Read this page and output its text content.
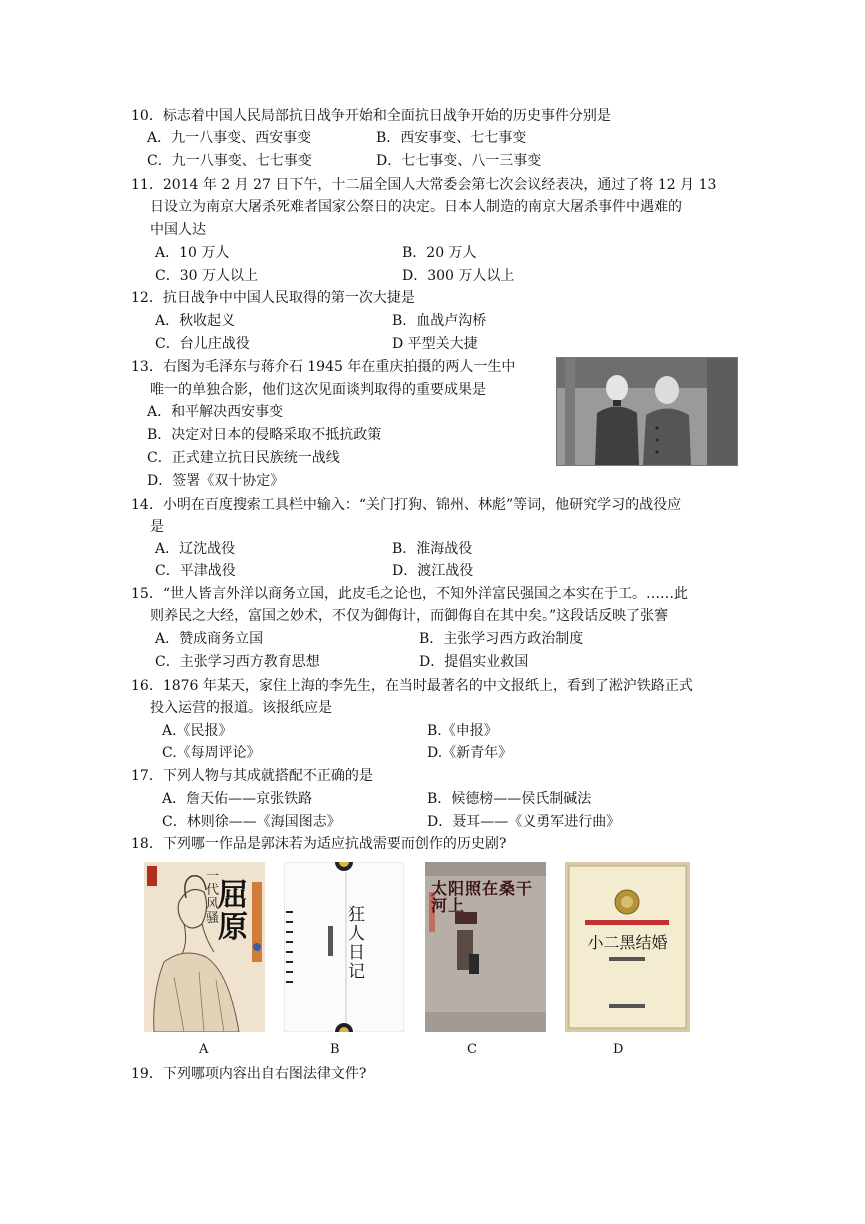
10．标志着中国人民局部抗日战争开始和全面抗日战争开始的历史事件分别是
A．九一八事变、西安事变	B．西安事变、七七事变
C．九一八事变、七七事变	D．七七事变、八一三事变
11．2014 年 2 月 27 日下午，十二届全国人大常委会第七次会议经表决，通过了将 12 月 13
日设立为南京大屠杀死难者国家公祭日的决定。日本人制造的南京大屠杀事件中遇难的
中国人达
A．10 万人	B．20 万人
C．30 万人以上	D．300 万人以上
12．抗日战争中中国人民取得的第一次大捷是
A．秋收起义	B．血战卢沟桥
C．台儿庄战役	D 平型关大捷
13．右图为毛泽东与蒋介石 1945 年在重庆拍摄的两人一生中
唯一的单独合影，他们这次见面谈判取得的重要成果是
A．和平解决西安事变
B．决定对日本的侵略采取不抵抗政策
C．正式建立抗日民族统一战线
D．签署《双十协定》
14．小明在百度搜索工具栏中输入：“关门打狗、锦州、林彪”等词，他研究学习的战役应
是
A．辽沈战役	B．淮海战役
C．平津战役	D．渡江战役
15．“世人皆言外洋以商务立国，此皮毛之论也，不知外洋富民强国之本实在于工。……此
则养民之大经，富国之妙术，不仅为御侮计，而御侮自在其中矣。”这段话反映了张謇
A．赞成商务立国	B．主张学习西方政治制度
C．主张学习西方教育思想	D．提倡实业救国
16．1876 年某天，家住上海的李先生，在当时最著名的中文报纸上，看到了淞沪铁路正式
投入运营的报道。该报纸应是
A.《民报》	B.《申报》
C.《每周评论》	D.《新青年》
17．下列人物与其成就搭配不正确的是
A．詹天佑——京张铁路	B．候德榜——侯氏制碱法
C．林则徐——《海国图志》	D．聂耳——《义勇军进行曲》
18．下列哪一作品是郭沫若为适应抗战需要而创作的历史剧?
一代风骚
屈原	狂人日记
太阳照在桑干河上
小二黑结婚
A	B	C	D
19．下列哪项内容出自右图法律文件?
